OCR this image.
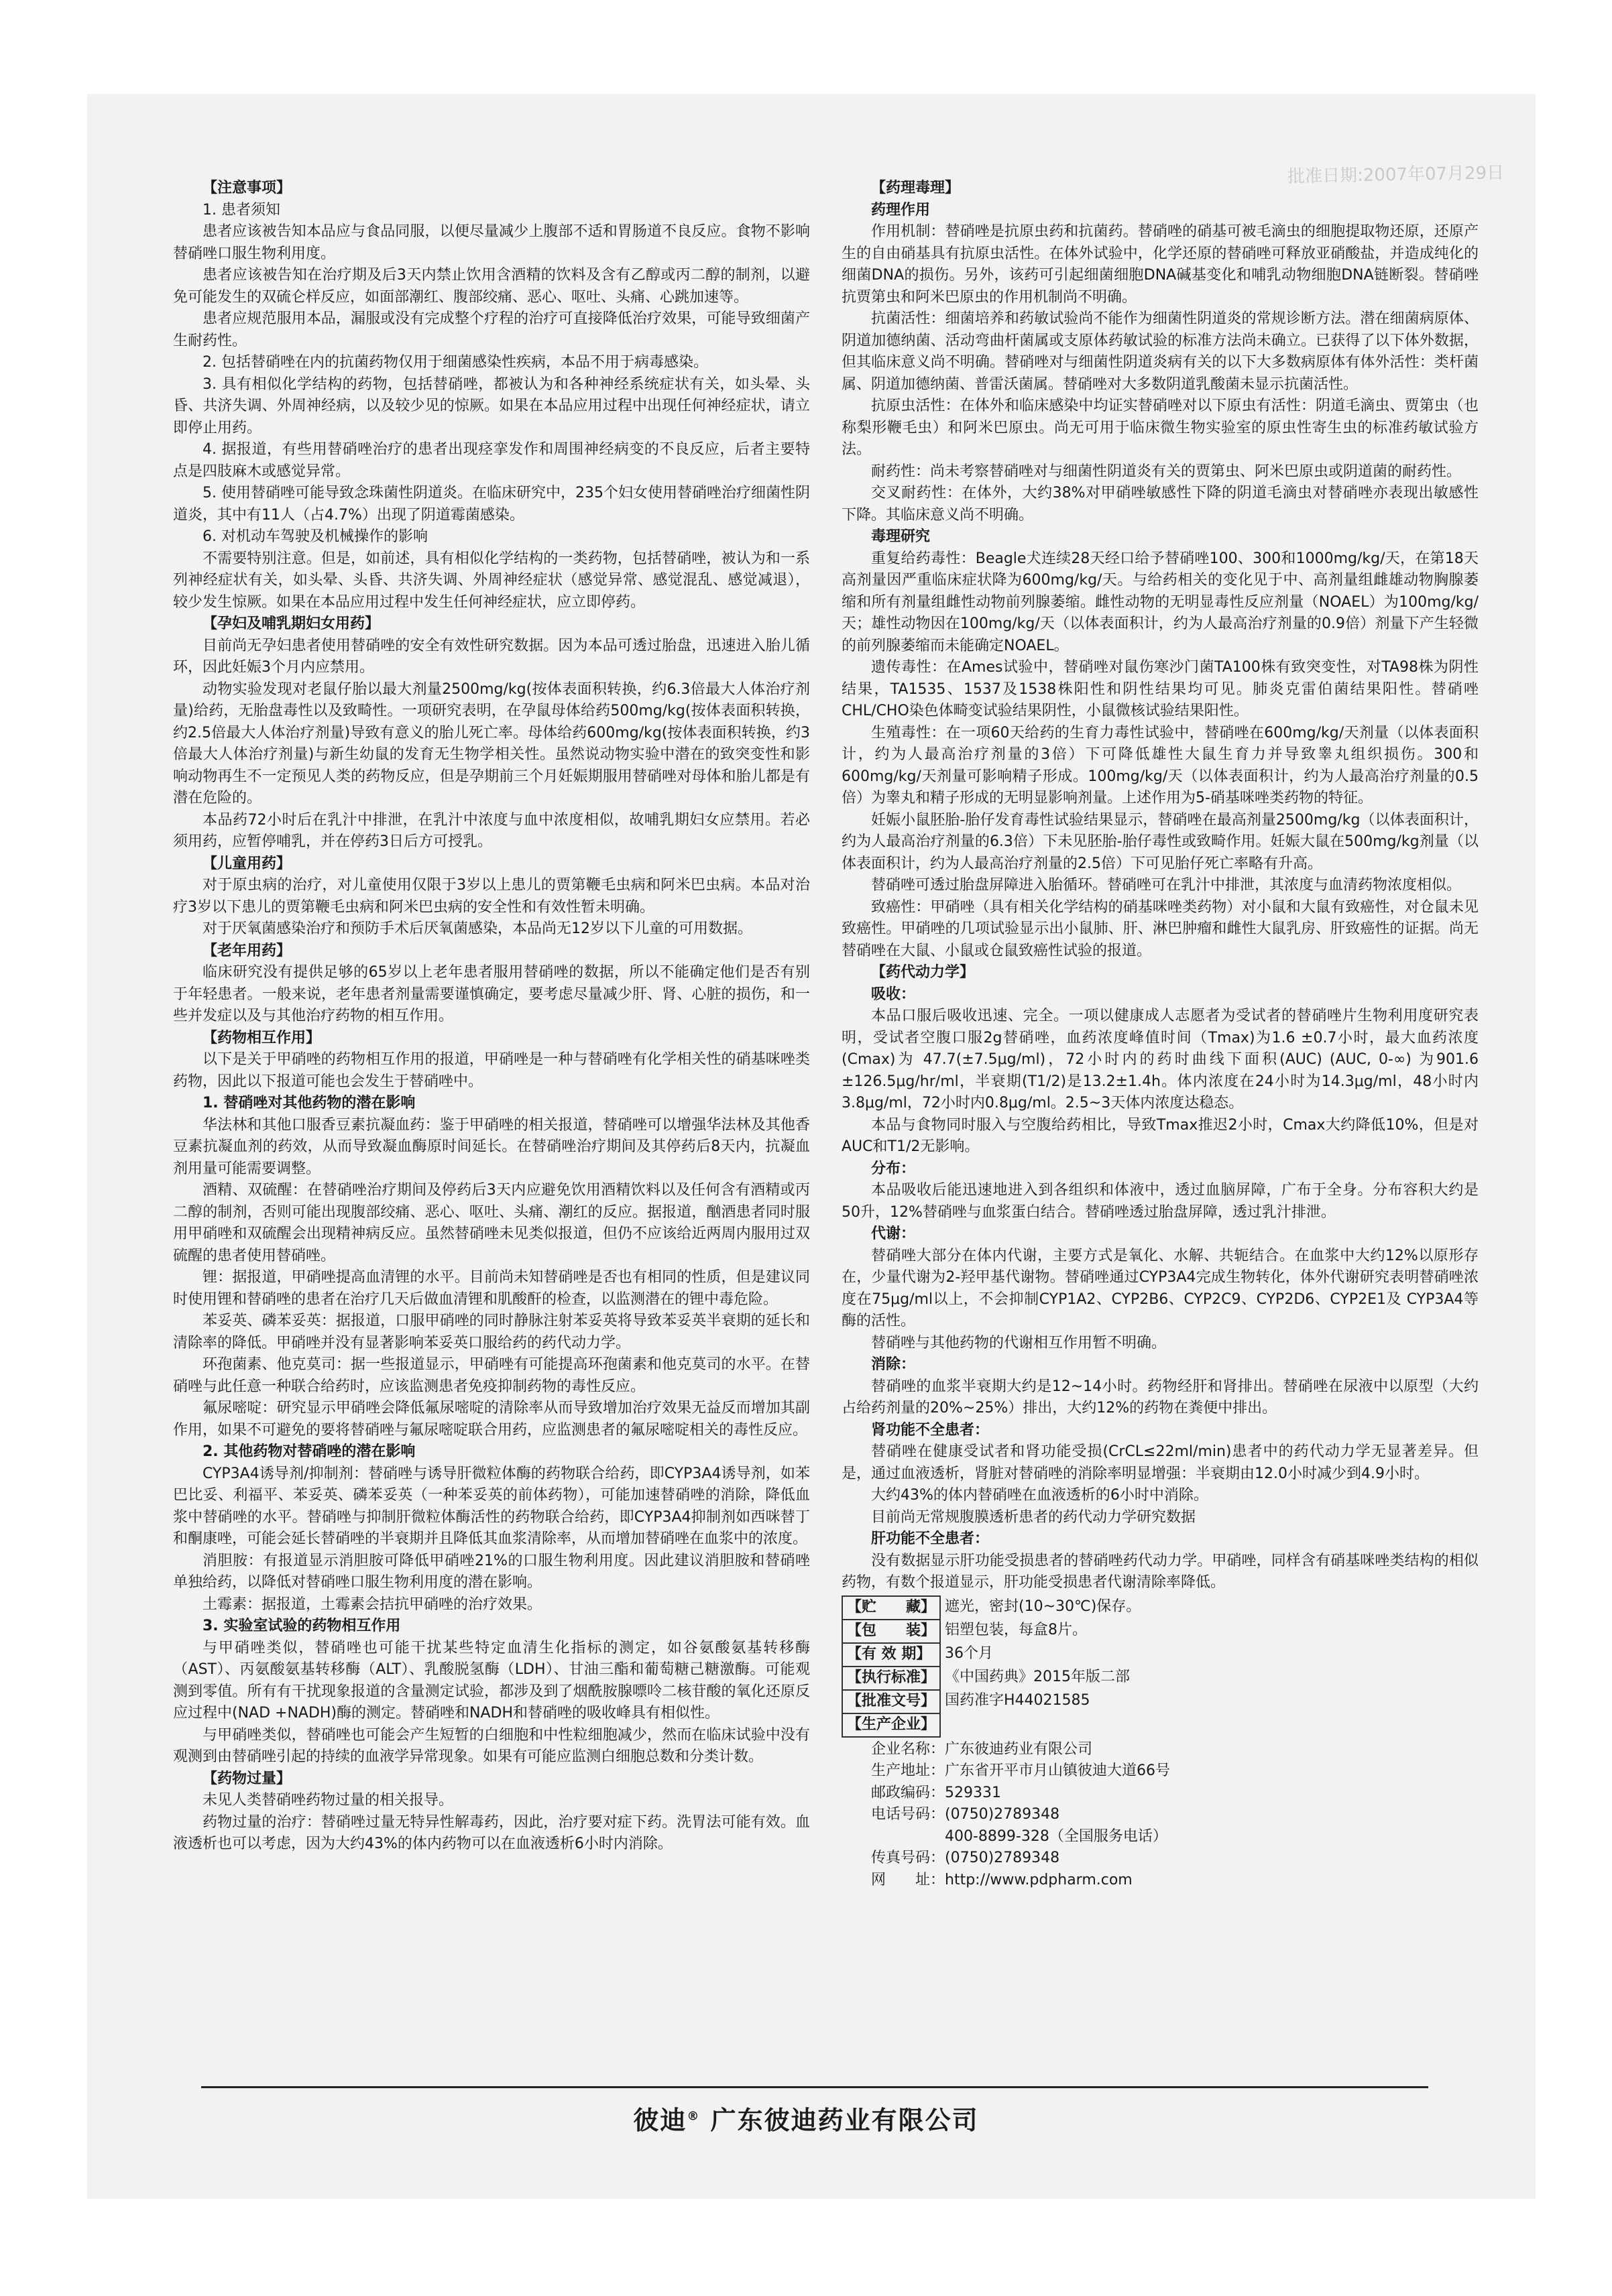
批准日期:2007年07月29日

【注意事项】

1. 患者须知

患者应该被告知本品应与食品同服，以便尽量减少上腹部不适和胃肠道不良反应。食物不影响替硝唑口服生物利用度。

患者应该被告知在治疗期及后3天内禁止饮用含酒精的饮料及含有乙醇或丙二醇的制剂，以避免可能发生的双硫仑样反应，如面部潮红、腹部绞痛、恶心、呕吐、头痛、心跳加速等。

患者应规范服用本品，漏服或没有完成整个疗程的治疗可直接降低治疗效果，可能导致细菌产生耐药性。

2. 包括替硝唑在内的抗菌药物仅用于细菌感染性疾病，本品不用于病毒感染。

3. 具有相似化学结构的药物，包括替硝唑，都被认为和各种神经系统症状有关，如头晕、头昏、共济失调、外周神经病，以及较少见的惊厥。如果在本品应用过程中出现任何神经症状，请立即停止用药。

4. 据报道，有些用替硝唑治疗的患者出现痉挛发作和周围神经病变的不良反应，后者主要特点是四肢麻木或感觉异常。

5. 使用替硝唑可能导致念珠菌性阴道炎。在临床研究中，235个妇女使用替硝唑治疗细菌性阴道炎，其中有11人（占4.7%）出现了阴道霉菌感染。

6. 对机动车驾驶及机械操作的影响

不需要特别注意。但是，如前述，具有相似化学结构的一类药物，包括替硝唑，被认为和一系列神经症状有关，如头晕、头昏、共济失调、外周神经症状（感觉异常、感觉混乱、感觉减退），较少发生惊厥。如果在本品应用过程中发生任何神经症状，应立即停药。

【孕妇及哺乳期妇女用药】

目前尚无孕妇患者使用替硝唑的安全有效性研究数据。因为本品可透过胎盘，迅速进入胎儿循环，因此妊娠3个月内应禁用。

动物实验发现对老鼠仔胎以最大剂量2500mg/kg(按体表面积转换，约6.3倍最大人体治疗剂量)给药，无胎盘毒性以及致畸性。一项研究表明，在孕鼠母体给药500mg/kg(按体表面积转换，约2.5倍最大人体治疗剂量)导致有意义的胎儿死亡率。母体给药600mg/kg(按体表面积转换，约3倍最大人体治疗剂量)与新生幼鼠的发育无生物学相关性。虽然说动物实验中潜在的致突变性和影响动物再生不一定预见人类的药物反应，但是孕期前三个月妊娠期服用替硝唑对母体和胎儿都是有潜在危险的。

本品药72小时后在乳汁中排泄，在乳汁中浓度与血中浓度相似，故哺乳期妇女应禁用。若必须用药，应暂停哺乳，并在停药3日后方可授乳。

【儿童用药】

对于原虫病的治疗，对儿童使用仅限于3岁以上患儿的贾第鞭毛虫病和阿米巴虫病。本品对治疗3岁以下患儿的贾第鞭毛虫病和阿米巴虫病的安全性和有效性暂未明确。

对于厌氧菌感染治疗和预防手术后厌氧菌感染，本品尚无12岁以下儿童的可用数据。

【老年用药】

临床研究没有提供足够的65岁以上老年患者服用替硝唑的数据，所以不能确定他们是否有别于年轻患者。一般来说，老年患者剂量需要谨慎确定，要考虑尽量减少肝、肾、心脏的损伤，和一些并发症以及与其他治疗药物的相互作用。

【药物相互作用】

以下是关于甲硝唑的药物相互作用的报道，甲硝唑是一种与替硝唑有化学相关性的硝基咪唑类药物，因此以下报道可能也会发生于替硝唑中。

1. 替硝唑对其他药物的潜在影响

华法林和其他口服香豆素抗凝血药：鉴于甲硝唑的相关报道，替硝唑可以增强华法林及其他香豆素抗凝血剂的药效，从而导致凝血酶原时间延长。在替硝唑治疗期间及其停药后8天内，抗凝血剂用量可能需要调整。

酒精、双硫醒：在替硝唑治疗期间及停药后3天内应避免饮用酒精饮料以及任何含有酒精或丙二醇的制剂，否则可能出现腹部绞痛、恶心、呕吐、头痛、潮红的反应。据报道，酗酒患者同时服用甲硝唑和双硫醒会出现精神病反应。虽然替硝唑未见类似报道，但仍不应该给近两周内服用过双硫醒的患者使用替硝唑。

锂：据报道，甲硝唑提高血清锂的水平。目前尚未知替硝唑是否也有相同的性质，但是建议同时使用锂和替硝唑的患者在治疗几天后做血清锂和肌酸酐的检查，以监测潜在的锂中毒危险。

苯妥英、磷苯妥英：据报道，口服甲硝唑的同时静脉注射苯妥英将导致苯妥英半衰期的延长和清除率的降低。甲硝唑并没有显著影响苯妥英口服给药的药代动力学。

环孢菌素、他克莫司：据一些报道显示，甲硝唑有可能提高环孢菌素和他克莫司的水平。在替硝唑与此任意一种联合给药时，应该监测患者免疫抑制药物的毒性反应。

氟尿嘧啶：研究显示甲硝唑会降低氟尿嘧啶的清除率从而导致增加治疗效果无益反而增加其副作用，如果不可避免的要将替硝唑与氟尿嘧啶联合用药，应监测患者的氟尿嘧啶相关的毒性反应。

2. 其他药物对替硝唑的潜在影响

CYP3A4诱导剂/抑制剂：替硝唑与诱导肝微粒体酶的药物联合给药，即CYP3A4诱导剂，如苯巴比妥、利福平、苯妥英、磷苯妥英（一种苯妥英的前体药物），可能加速替硝唑的消除，降低血浆中替硝唑的水平。替硝唑与抑制肝微粒体酶活性的药物联合给药，即CYP3A4抑制剂如西咪替丁和酮康唑，可能会延长替硝唑的半衰期并且降低其血浆清除率，从而增加替硝唑在血浆中的浓度。

消胆胺：有报道显示消胆胺可降低甲硝唑21%的口服生物利用度。因此建议消胆胺和替硝唑单独给药，以降低对替硝唑口服生物利用度的潜在影响。

土霉素：据报道，土霉素会拮抗甲硝唑的治疗效果。

3. 实验室试验的药物相互作用

与甲硝唑类似，替硝唑也可能干扰某些特定血清生化指标的测定，如谷氨酸氨基转移酶（AST）、丙氨酸氨基转移酶（ALT）、乳酸脱氢酶（LDH）、甘油三酯和葡萄糖己糖激酶。可能观测到零值。所有有干扰现象报道的含量测定试验，都涉及到了烟酰胺腺嘌呤二核苷酸的氧化还原反应过程中(NAD +NADH)酶的测定。替硝唑和NADH和替硝唑的吸收峰具有相似性。

与甲硝唑类似，替硝唑也可能会产生短暂的白细胞和中性粒细胞减少，然而在临床试验中没有观测到由替硝唑引起的持续的血液学异常现象。如果有可能应监测白细胞总数和分类计数。

【药物过量】

未见人类替硝唑药物过量的相关报导。

药物过量的治疗：替硝唑过量无特异性解毒药，因此，治疗要对症下药。洗胃法可能有效。血液透析也可以考虑，因为大约43%的体内药物可以在血液透析6小时内消除。

【药理毒理】

药理作用

作用机制：替硝唑是抗原虫药和抗菌药。替硝唑的硝基可被毛滴虫的细胞提取物还原，还原产生的自由硝基具有抗原虫活性。在体外试验中，化学还原的替硝唑可释放亚硝酸盐，并造成纯化的细菌DNA的损伤。另外，该药可引起细菌细胞DNA碱基变化和哺乳动物细胞DNA链断裂。替硝唑抗贾第虫和阿米巴原虫的作用机制尚不明确。

抗菌活性：细菌培养和药敏试验尚不能作为细菌性阴道炎的常规诊断方法。潜在细菌病原体、阴道加德纳菌、活动弯曲杆菌属或支原体药敏试验的标准方法尚未确立。已获得了以下体外数据，但其临床意义尚不明确。替硝唑对与细菌性阴道炎病有关的以下大多数病原体有体外活性：类杆菌属、阴道加德纳菌、普雷沃菌属。替硝唑对大多数阴道乳酸菌未显示抗菌活性。

抗原虫活性：在体外和临床感染中均证实替硝唑对以下原虫有活性：阴道毛滴虫、贾第虫（也称梨形鞭毛虫）和阿米巴原虫。尚无可用于临床微生物实验室的原虫性寄生虫的标准药敏试验方法。

耐药性：尚未考察替硝唑对与细菌性阴道炎有关的贾第虫、阿米巴原虫或阴道菌的耐药性。

交叉耐药性：在体外，大约38%对甲硝唑敏感性下降的阴道毛滴虫对替硝唑亦表现出敏感性下降。其临床意义尚不明确。

毒理研究

重复给药毒性：Beagle犬连续28天经口给予替硝唑100、300和1000mg/kg/天，在第18天高剂量因严重临床症状降为600mg/kg/天。与给药相关的变化见于中、高剂量组雌雄动物胸腺萎缩和所有剂量组雌性动物前列腺萎缩。雌性动物的无明显毒性反应剂量（NOAEL）为100mg/kg/天；雄性动物因在100mg/kg/天（以体表面积计，约为人最高治疗剂量的0.9倍）剂量下产生轻微的前列腺萎缩而未能确定NOAEL。

遗传毒性：在Ames试验中，替硝唑对鼠伤寒沙门菌TA100株有致突变性，对TA98株为阴性结果，TA1535、1537及1538株阳性和阴性结果均可见。肺炎克雷伯菌结果阳性。替硝唑CHL/CHO染色体畸变试验结果阴性，小鼠微核试验结果阳性。

生殖毒性：在一项60天给药的生育力毒性试验中，替硝唑在600mg/kg/天剂量（以体表面积计，约为人最高治疗剂量的3倍）下可降低雄性大鼠生育力并导致睾丸组织损伤。300和600mg/kg/天剂量可影响精子形成。100mg/kg/天（以体表面积计，约为人最高治疗剂量的0.5倍）为睾丸和精子形成的无明显影响剂量。上述作用为5-硝基咪唑类药物的特征。

妊娠小鼠胚胎-胎仔发育毒性试验结果显示，替硝唑在最高剂量2500mg/kg（以体表面积计，约为人最高治疗剂量的6.3倍）下未见胚胎-胎仔毒性或致畸作用。妊娠大鼠在500mg/kg剂量（以体表面积计，约为人最高治疗剂量的2.5倍）下可见胎仔死亡率略有升高。

替硝唑可透过胎盘屏障进入胎循环。替硝唑可在乳汁中排泄，其浓度与血清药物浓度相似。

致癌性：甲硝唑（具有相关化学结构的硝基咪唑类药物）对小鼠和大鼠有致癌性，对仓鼠未见致癌性。甲硝唑的几项试验显示出小鼠肺、肝、淋巴肿瘤和雌性大鼠乳房、肝致癌性的证据。尚无替硝唑在大鼠、小鼠或仓鼠致癌性试验的报道。

【药代动力学】

吸收：

本品口服后吸收迅速、完全。一项以健康成人志愿者为受试者的替硝唑片生物利用度研究表明，受试者空腹口服2g替硝唑，血药浓度峰值时间（Tmax)为1.6 ±0.7小时，最大血药浓度(Cmax)为 47.7(±7.5μg/ml)，72小时内的药时曲线下面积(AUC) (AUC, 0-∞) 为901.6 ±126.5μg/hr/ml，半衰期(T1/2)是13.2±1.4h。体内浓度在24小时为14.3μg/ml，48小时内3.8μg/ml，72小时内0.8μg/ml。2.5~3天体内浓度达稳态。

本品与食物同时服入与空腹给药相比，导致Tmax推迟2小时，Cmax大约降低10%，但是对AUC和T1/2无影响。

分布：

本品吸收后能迅速地进入到各组织和体液中，透过血脑屏障，广布于全身。分布容积大约是50升，12%替硝唑与血浆蛋白结合。替硝唑透过胎盘屏障，透过乳汁排泄。

代谢：

替硝唑大部分在体内代谢，主要方式是氧化、水解、共轭结合。在血浆中大约12%以原形存在，少量代谢为2-羟甲基代谢物。替硝唑通过CYP3A4完成生物转化，体外代谢研究表明替硝唑浓度在75μg/ml以上，不会抑制CYP1A2、CYP2B6、CYP2C9、CYP2D6、CYP2E1及 CYP3A4等酶的活性。

替硝唑与其他药物的代谢相互作用暂不明确。

消除：

替硝唑的血浆半衰期大约是12~14小时。药物经肝和肾排出。替硝唑在尿液中以原型（大约占给药剂量的20%~25%）排出，大约12%的药物在粪便中排出。

肾功能不全患者：

替硝唑在健康受试者和肾功能受损(CrCL≤22ml/min)患者中的药代动力学无显著差异。但是，通过血液透析，肾脏对替硝唑的消除率明显增强：半衰期由12.0小时减少到4.9小时。

大约43%的体内替硝唑在血液透析的6小时中消除。

目前尚无常规腹膜透析患者的药代动力学研究数据

肝功能不全患者：

没有数据显示肝功能受损患者的替硝唑药代动力学。甲硝唑，同样含有硝基咪唑类结构的相似药物，有数个报道显示，肝功能受损患者代谢清除率降低。

【贮　　藏】	遮光，密封(10~30℃)保存。
【包　　装】	铝塑包装，每盒8片。
【有 效 期】	36个月
【执行标准】	《中国药典》2015年版二部
【批准文号】	国药准字H44021585
【生产企业】	

企业名称：广东彼迪药业有限公司

生产地址：广东省开平市月山镇彼迪大道66号

邮政编码：529331

电话号码：(0750)2789348

　　　　　400-8899-328（全国服务电话）

传真号码：(0750)2789348

网　　址：http://www.pdpharm.com

彼迪® 广东彼迪药业有限公司
